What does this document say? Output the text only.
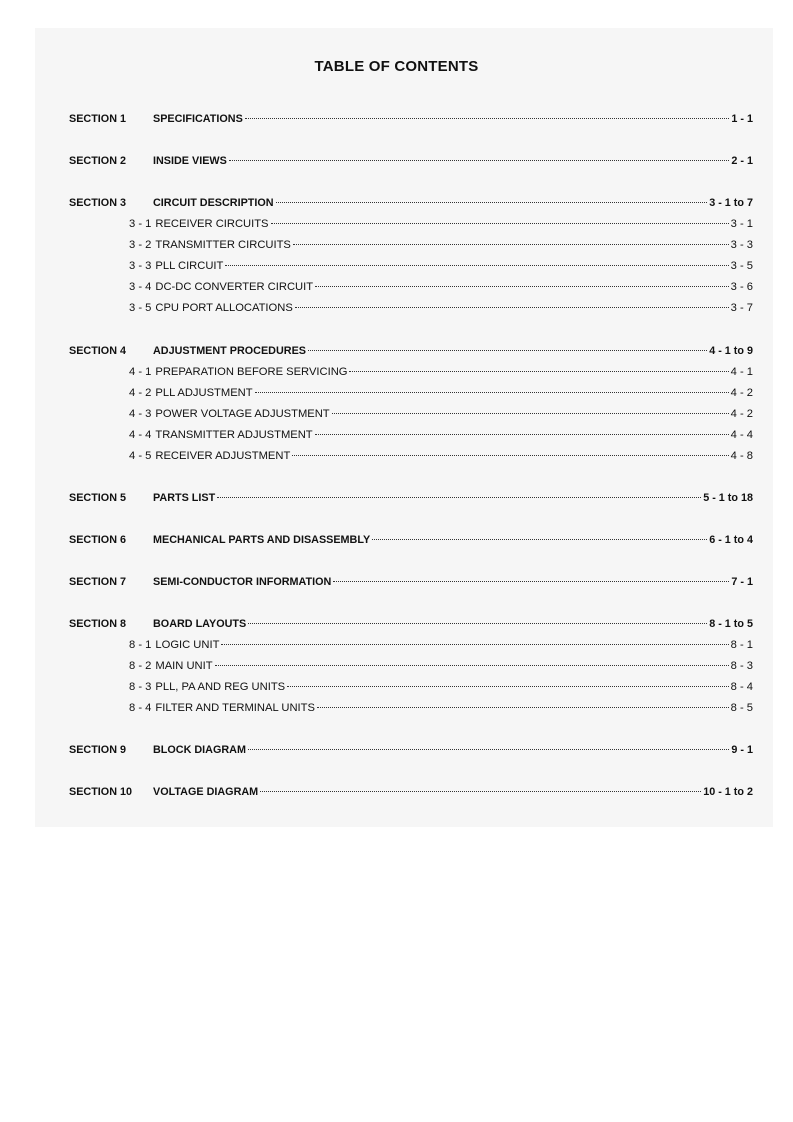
TABLE OF CONTENTS
SECTION 1	SPECIFICATIONS	1 - 1
SECTION 2	INSIDE VIEWS	2 - 1
SECTION 3	CIRCUIT DESCRIPTION	3 - 1 to 7
3 - 1 RECEIVER CIRCUITS	3 - 1
3 - 2 TRANSMITTER CIRCUITS	3 - 3
3 - 3 PLL CIRCUIT	3 - 5
3 - 4 DC-DC CONVERTER CIRCUIT	3 - 6
3 - 5 CPU PORT ALLOCATIONS	3 - 7
SECTION 4	ADJUSTMENT PROCEDURES	4 - 1 to 9
4 - 1 PREPARATION BEFORE SERVICING	4 - 1
4 - 2 PLL ADJUSTMENT	4 - 2
4 - 3 POWER VOLTAGE ADJUSTMENT	4 - 2
4 - 4 TRANSMITTER ADJUSTMENT	4 - 4
4 - 5 RECEIVER ADJUSTMENT	4 - 8
SECTION 5	PARTS LIST	5 - 1 to 18
SECTION 6	MECHANICAL PARTS AND DISASSEMBLY	6 - 1 to 4
SECTION 7	SEMI-CONDUCTOR INFORMATION	7 - 1
SECTION 8	BOARD LAYOUTS	8 - 1 to 5
8 - 1 LOGIC UNIT	8 - 1
8 - 2 MAIN UNIT	8 - 3
8 - 3 PLL, PA AND REG UNITS	8 - 4
8 - 4 FILTER AND TERMINAL UNITS	8 - 5
SECTION 9	BLOCK DIAGRAM	9 - 1
SECTION 10	VOLTAGE DIAGRAM	10 - 1 to 2
